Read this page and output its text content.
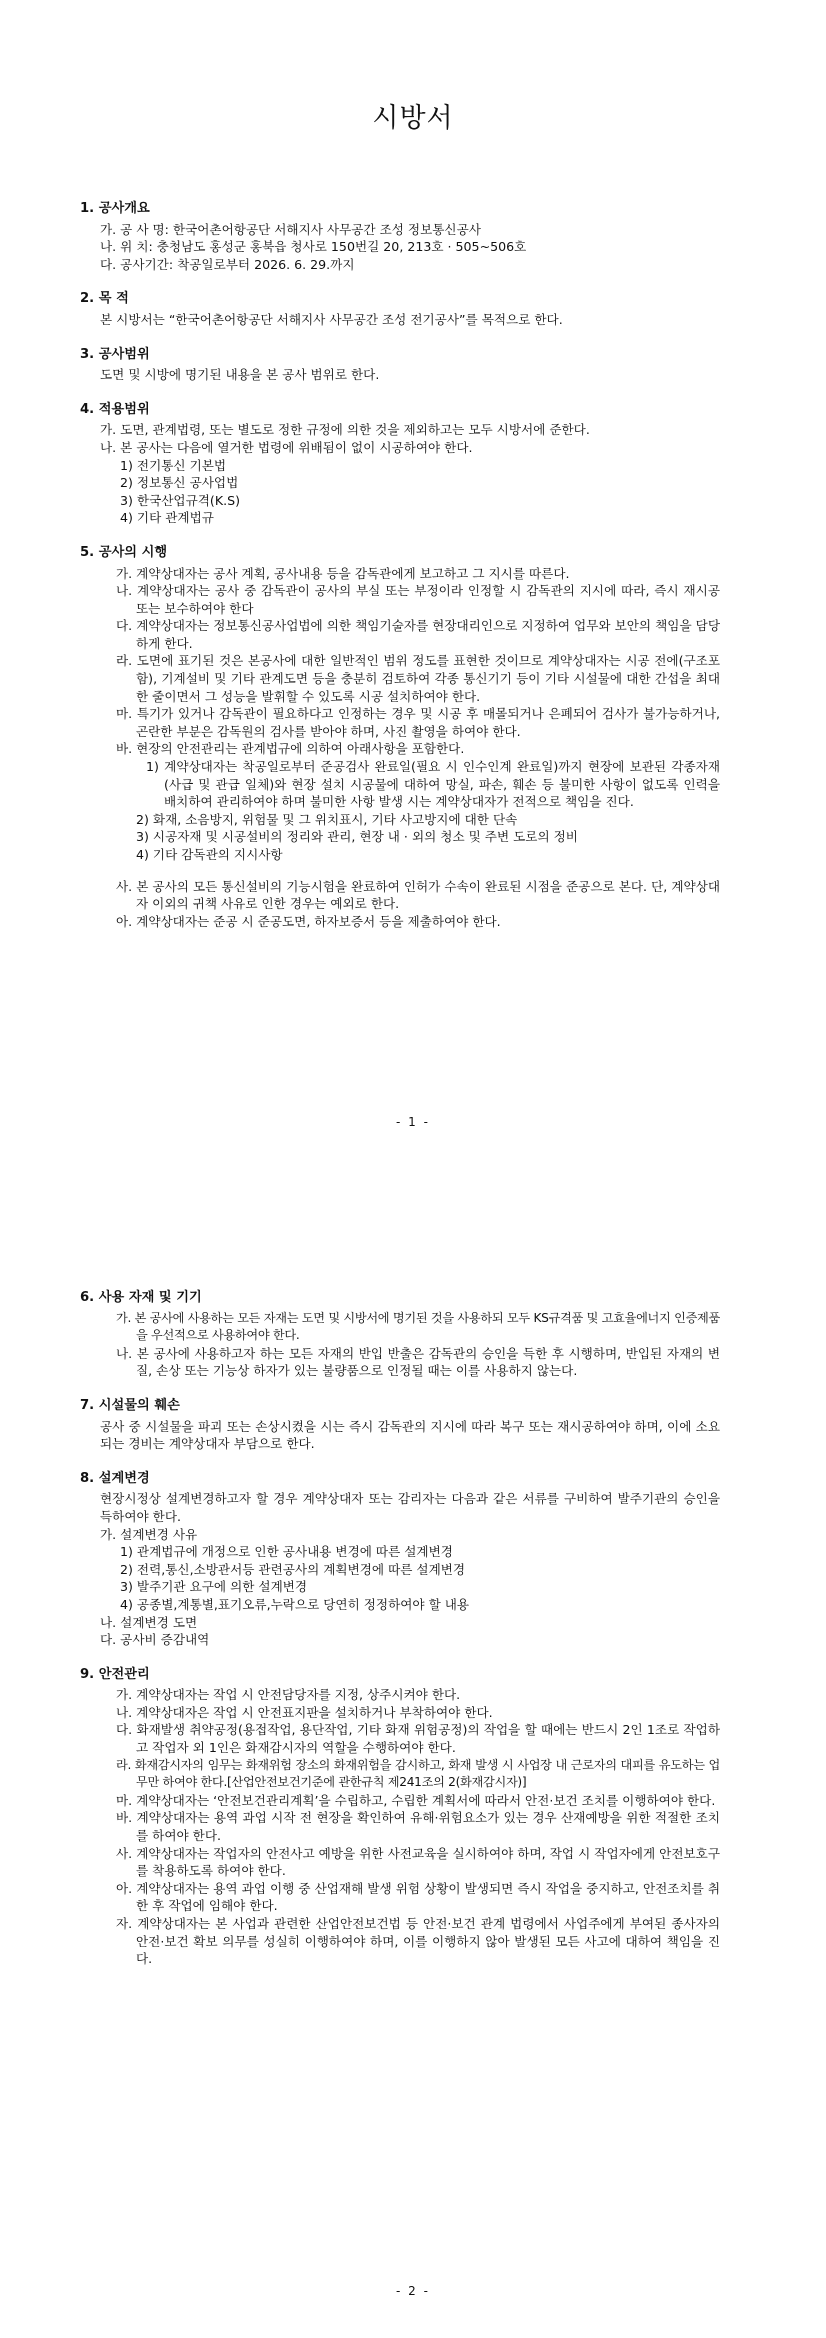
시방서
1. 공사개요
가. 공 사 명: 한국어촌어항공단 서해지사 사무공간 조성 정보통신공사
나. 위 치: 충청남도 홍성군 홍북읍 청사로 150번길 20, 213호 · 505~506호
다. 공사기간: 착공일로부터 2026. 6. 29.까지
2. 목 적
본 시방서는 “한국어촌어항공단 서해지사 사무공간 조성 전기공사”를 목적으로 한다.
3. 공사범위
도면 및 시방에 명기된 내용을 본 공사 범위로 한다.
4. 적용범위
가. 도면, 관계법령, 또는 별도로 정한 규정에 의한 것을 제외하고는 모두 시방서에 준한다.
나. 본 공사는 다음에 열거한 법령에 위배됨이 없이 시공하여야 한다.
1) 전기통신 기본법
2) 정보통신 공사업법
3) 한국산업규격(K.S)
4) 기타 관계법규
5. 공사의 시행
가. 계약상대자는 공사 계획, 공사내용 등을 감독관에게 보고하고 그 지시를 따른다.
나. 계약상대자는 공사 중 감독관이 공사의 부실 또는 부정이라 인정할 시 감독관의 지시에 따라, 즉시 재시공 또는 보수하여야 한다
다. 계약상대자는 정보통신공사업법에 의한 책임기술자를 현장대리인으로 지정하여 업무와 보안의 책임을 담당하게 한다.
라. 도면에 표기된 것은 본공사에 대한 일반적인 범위 정도를 표현한 것이므로 계약상대자는 시공 전에(구조포함), 기계설비 및 기타 관계도면 등을 충분히 검토하여 각종 통신기기 등이 기타 시설물에 대한 간섭을 최대한 줄이면서 그 성능을 발휘할 수 있도록 시공 설치하여야 한다.
마. 특기가 있거나 감독관이 필요하다고 인정하는 경우 및 시공 후 매몰되거나 은폐되어 검사가 불가능하거나, 곤란한 부분은 감독원의 검사를 받아야 하며, 사진 촬영을 하여야 한다.
바. 현장의 안전관리는 관계법규에 의하여 아래사항을 포함한다.
1) 계약상대자는 착공일로부터 준공검사 완료일(필요 시 인수인계 완료일)까지 현장에 보관된 각종자재(사급 및 관급 일체)와 현장 설치 시공물에 대하여 망실, 파손, 훼손 등 불미한 사항이 없도록 인력을 배치하여 관리하여야 하며 불미한 사항 발생 시는 계약상대자가 전적으로 책임을 진다.
2) 화재, 소음방지, 위험물 및 그 위치표시, 기타 사고방지에 대한 단속
3) 시공자재 및 시공설비의 정리와 관리, 현장 내 · 외의 청소 및 주변 도로의 정비
4) 기타 감독관의 지시사항
사. 본 공사의 모든 통신설비의 기능시험을 완료하여 인허가 수속이 완료된 시점을 준공으로 본다. 단, 계약상대자 이외의 귀책 사유로 인한 경우는 예외로 한다.
아. 계약상대자는 준공 시 준공도면, 하자보증서 등을 제출하여야 한다.
- 1 -
6. 사용 자재 및 기기
가. 본 공사에 사용하는 모든 자재는 도면 및 시방서에 명기된 것을 사용하되 모두 KS규격품 및 고효율에너지 인증제품을 우선적으로 사용하여야 한다.
나. 본 공사에 사용하고자 하는 모든 자재의 반입 반출은 감독관의 승인을 득한 후 시행하며, 반입된 자재의 변질, 손상 또는 기능상 하자가 있는 불량품으로 인정될 때는 이를 사용하지 않는다.
7. 시설물의 훼손
공사 중 시설물을 파괴 또는 손상시켰을 시는 즉시 감독관의 지시에 따라 복구 또는 재시공하여야 하며, 이에 소요되는 경비는 계약상대자 부담으로 한다.
8. 설계변경
현장시정상 설계변경하고자 할 경우 계약상대자 또는 감리자는 다음과 같은 서류를 구비하여 발주기관의 승인을 득하여야 한다.
가. 설계변경 사유
1) 관계법규에 개정으로 인한 공사내용 변경에 따른 설계변경
2) 전력,통신,소방관서등 관련공사의 계획변경에 따른 설계변경
3) 발주기관 요구에 의한 설계변경
4) 공종별,계통별,표기오류,누락으로 당연히 정정하여야 할 내용
나. 설계변경 도면
다. 공사비 증감내역
9. 안전관리
가. 계약상대자는 작업 시 안전담당자를 지정, 상주시켜야 한다.
나. 계약상대자은 작업 시 안전표지판을 설치하거나 부착하여야 한다.
다. 화재발생 취약공정(용접작업, 용단작업, 기타 화재 위험공정)의 작업을 할 때에는 반드시 2인 1조로 작업하고 작업자 외 1인은 화재감시자의 역할을 수행하여야 한다.
라. 화재감시자의 임무는 화재위험 장소의 화재위험을 감시하고, 화재 발생 시 사업장 내 근로자의 대피를 유도하는 업무만 하여야 한다.[산업안전보건기준에 관한규칙 제241조의 2(화재감시자)]
마. 계약상대자는 ‘안전보건관리계획’을 수립하고, 수립한 계획서에 따라서 안전·보건 조치를 이행하여야 한다.
바. 계약상대자는 용역 과업 시작 전 현장을 확인하여 유해·위험요소가 있는 경우 산재예방을 위한 적절한 조치를 하여야 한다.
사. 계약상대자는 작업자의 안전사고 예방을 위한 사전교육을 실시하여야 하며, 작업 시 작업자에게 안전보호구를 착용하도록 하여야 한다.
아. 계약상대자는 용역 과업 이행 중 산업재해 발생 위험 상황이 발생되면 즉시 작업을 중지하고, 안전조치를 취한 후 작업에 임해야 한다.
자. 계약상대자는 본 사업과 관련한 산업안전보건법 등 안전·보건 관계 법령에서 사업주에게 부여된 종사자의 안전·보건 확보 의무를 성실히 이행하여야 하며, 이를 이행하지 않아 발생된 모든 사고에 대하여 책임을 진다.
- 2 -
